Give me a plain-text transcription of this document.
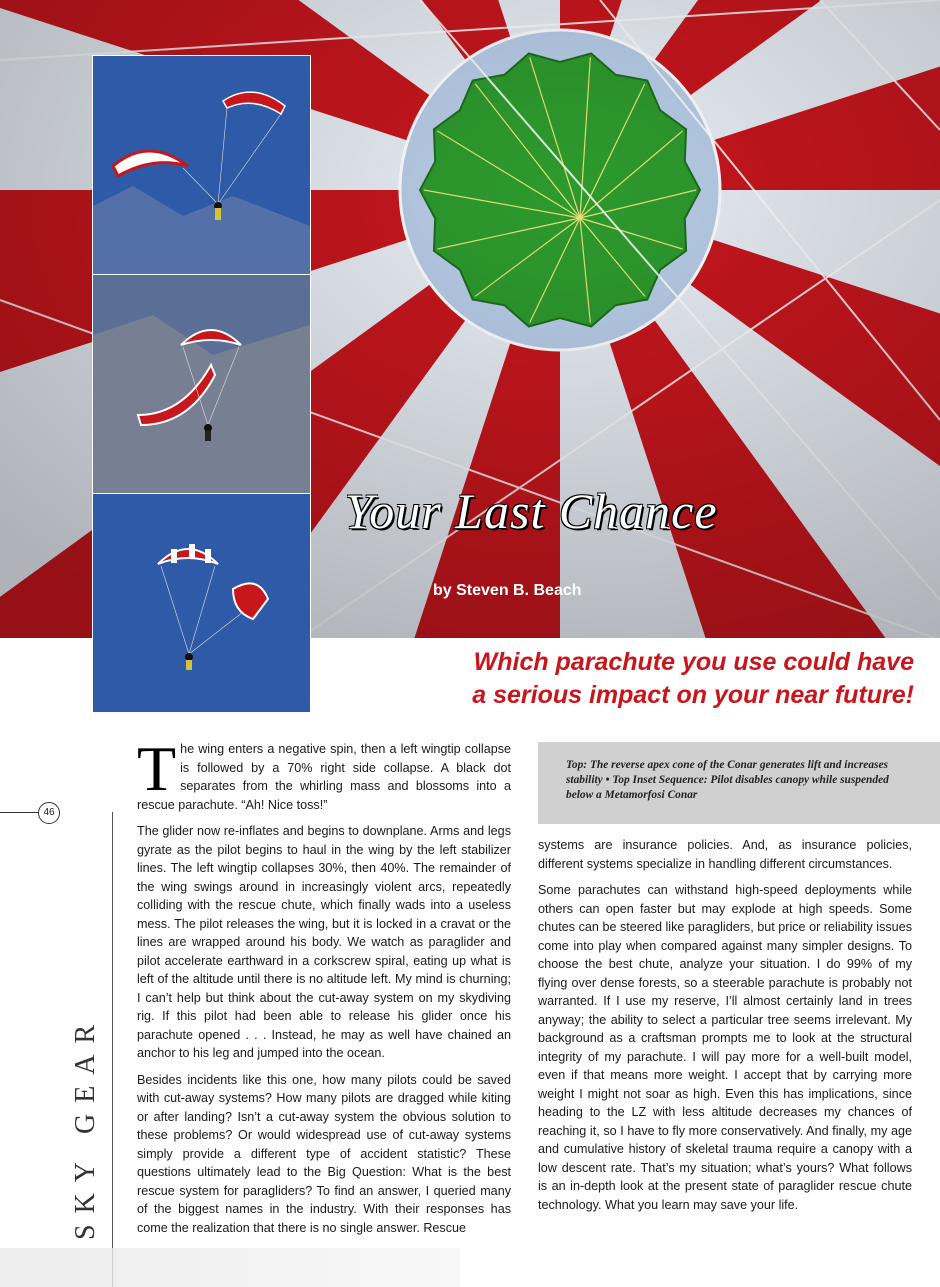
Your Last Chance
by Steven B. Beach
Which parachute you use could have
a serious impact on your near future!
46
SKY GEAR

Top: The reverse apex cone of the Conar generates lift and increases stability • Top Inset Sequence: Pilot disables canopy while suspended below a Metamorfosi Conar

The wing enters a negative spin, then a left wingtip collapse is followed by a 70% right side collapse. A black dot separates from the whirling mass and blossoms into a rescue parachute. “Ah! Nice toss!”

The glider now re-inflates and begins to downplane. Arms and legs gyrate as the pilot begins to haul in the wing by the left stabilizer lines. The left wingtip collapses 30%, then 40%. The remainder of the wing swings around in increasingly violent arcs, repeatedly colliding with the rescue chute, which finally wads into a useless mess. The pilot releases the wing, but it is locked in a cravat or the lines are wrapped around his body. We watch as paraglider and pilot accelerate earthward in a corkscrew spiral, eating up what is left of the altitude until there is no altitude left. My mind is churning; I can’t help but think about the cut-away system on my skydiving rig. If this pilot had been able to release his glider once his parachute opened . . . Instead, he may as well have chained an anchor to his leg and jumped into the ocean.

Besides incidents like this one, how many pilots could be saved with cut-away systems? How many pilots are dragged while kiting or after landing? Isn’t a cut-away system the obvious solution to these problems? Or would widespread use of cut-away systems simply provide a different type of accident statistic? These questions ultimately lead to the Big Question: What is the best rescue system for paragliders? To find an answer, I queried many of the biggest names in the industry. With their responses has come the realization that there is no single answer. Rescue

systems are insurance policies. And, as insurance policies, different systems specialize in handling different circumstances.

Some parachutes can withstand high-speed deployments while others can open faster but may explode at high speeds. Some chutes can be steered like paragliders, but price or reliability issues come into play when compared against many simpler designs. To choose the best chute, analyze your situation. I do 99% of my flying over dense forests, so a steerable parachute is probably not warranted. If I use my reserve, I’ll almost certainly land in trees anyway; the ability to select a particular tree seems irrelevant. My background as a craftsman prompts me to look at the structural integrity of my parachute. I will pay more for a well-built model, even if that means more weight. I accept that by carrying more weight I might not soar as high. Even this has implications, since heading to the LZ with less altitude decreases my chances of reaching it, so I have to fly more conservatively. And finally, my age and cumulative history of skeletal trauma require a canopy with a low descent rate. That’s my situation; what’s yours? What follows is an in-depth look at the present state of paraglider rescue chute technology. What you learn may save your life.
